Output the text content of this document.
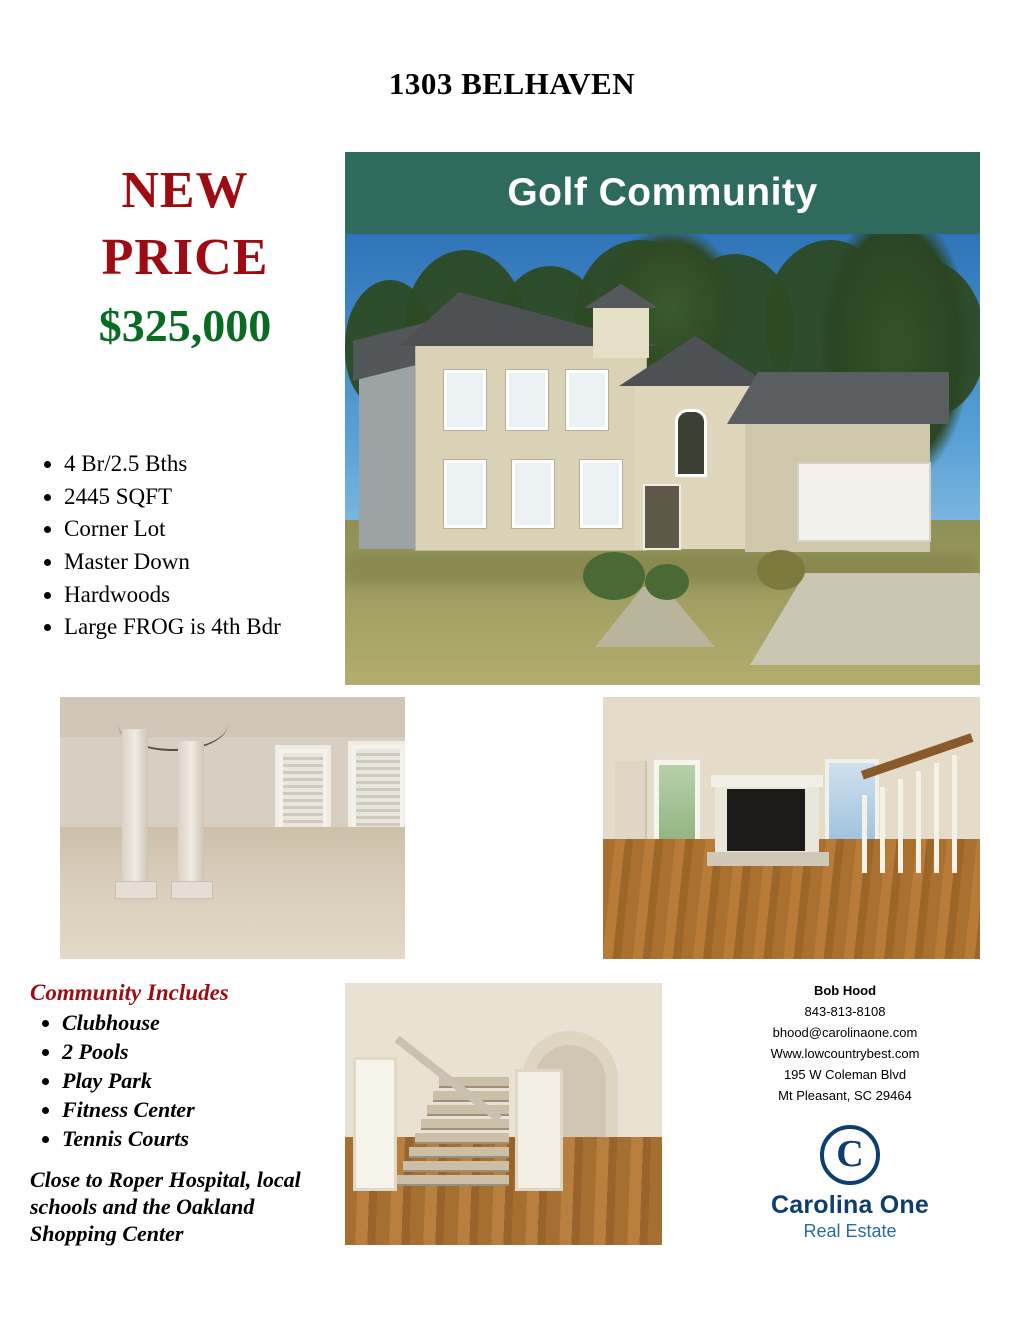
1303 BELHAVEN
NEW
PRICE
$325,000
• 4 Br/2.5 Bths
• 2445 SQFT
• Corner Lot
• Master Down
• Hardwoods
• Large FROG is 4th Bdr
Golf Community
Community Includes
• Clubhouse
• 2 Pools
• Play Park
• Fitness Center
• Tennis Courts
Close to Roper Hospital, local schools and the Oakland Shopping Center
Bob Hood
843-813-8108
bhood@carolinaone.com
Www.lowcountrybest.com
195 W Coleman Blvd
Mt Pleasant, SC 29464
C
Carolina One
Real Estate
